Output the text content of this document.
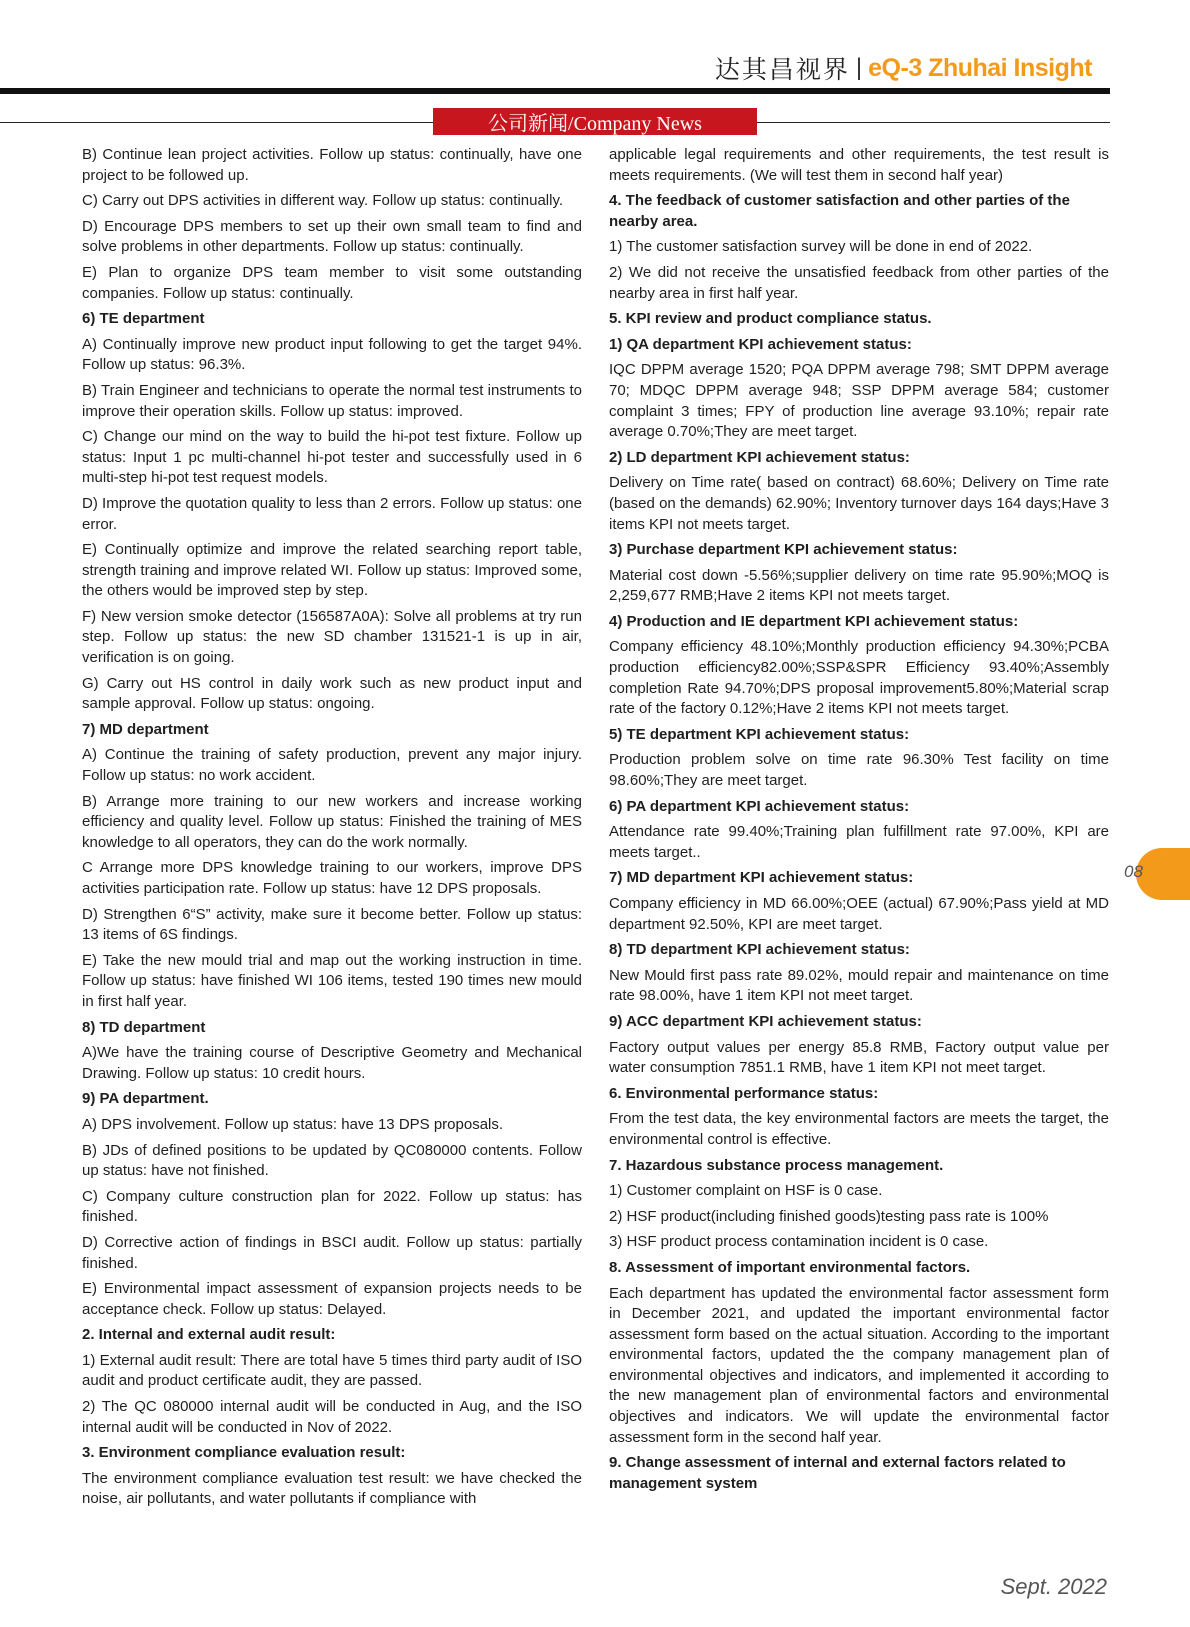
达其昌视界 | eQ-3 Zhuhai Insight
公司新闻/Company News
B) Continue lean project activities. Follow up status: continually, have one project to be followed up.
C) Carry out DPS activities in different way. Follow up status: continually.
D) Encourage DPS members to set up their own small team to find and solve problems in other departments. Follow up status: continually.
E) Plan to organize DPS team member to visit some outstanding companies. Follow up status: continually.
6) TE department
A) Continually improve new product input following to get the target 94%. Follow up status: 96.3%.
B) Train Engineer and technicians to operate the normal test instruments to improve their operation skills. Follow up status: improved.
C) Change our mind on the way to build the hi-pot test fixture. Follow up status: Input 1 pc multi-channel hi-pot tester and successfully used in 6 multi-step hi-pot test request models.
D) Improve the quotation quality to less than 2 errors. Follow up status: one error.
E) Continually optimize and improve the related searching report table, strength training and improve related WI. Follow up status: Improved some, the others would be improved step by step.
F) New version smoke detector (156587A0A): Solve all problems at try run step. Follow up status: the new SD chamber 131521-1 is up in air, verification is on going.
G) Carry out HS control in daily work such as new product input and sample approval. Follow up status: ongoing.
7) MD department
A) Continue the training of safety production, prevent any major injury. Follow up status: no work accident.
B) Arrange more training to our new workers and increase working efficiency and quality level. Follow up status: Finished the training of MES knowledge to all operators, they can do the work normally.
C Arrange more DPS knowledge training to our workers, improve DPS activities participation rate. Follow up status: have 12 DPS proposals.
D) Strengthen 6“S” activity, make sure it become better. Follow up status: 13 items of 6S findings.
E) Take the new mould trial and map out the working instruction in time. Follow up status: have finished WI 106 items, tested 190 times new mould in first half year.
8) TD department
A)We have the training course of Descriptive Geometry and Mechanical Drawing. Follow up status: 10 credit hours.
9) PA department.
A) DPS involvement. Follow up status: have 13 DPS proposals.
B) JDs of defined positions to be updated by QC080000 contents. Follow up status: have not finished.
C) Company culture construction plan for 2022. Follow up status: has finished.
D) Corrective action of findings in BSCI audit. Follow up status: partially finished.
E) Environmental impact assessment of expansion projects needs to be acceptance check. Follow up status: Delayed.
2. Internal and external audit result:
1) External audit result: There are total have 5 times third party audit of ISO audit and product certificate audit, they are passed.
2) The QC 080000 internal audit will be conducted in Aug, and the ISO internal audit will be conducted in Nov of 2022.
3. Environment compliance evaluation result:
The environment compliance evaluation test result: we have checked the noise, air pollutants, and water pollutants if compliance with
applicable legal requirements and other requirements, the test result is meets requirements. (We will test them in second half year)
4. The feedback of customer satisfaction and other parties of the nearby area.
1) The customer satisfaction survey will be done in end of 2022.
2) We did not receive the unsatisfied feedback from other parties of the nearby area in first half year.
5. KPI review and product compliance status.
1) QA department KPI achievement status:
IQC DPPM average 1520; PQA DPPM average 798; SMT DPPM average 70; MDQC DPPM average 948; SSP DPPM average 584; customer complaint 3 times; FPY of production line average 93.10%; repair rate average 0.70%;They are meet target.
2) LD department KPI achievement status:
Delivery on Time rate( based on contract) 68.60%; Delivery on Time rate (based on the demands) 62.90%; Inventory turnover days 164 days;Have 3 items KPI not meets target.
3) Purchase department KPI achievement status:
Material cost down -5.56%;supplier delivery on time rate 95.90%;MOQ is 2,259,677 RMB;Have 2 items KPI not meets target.
4) Production and IE department KPI achievement status:
Company efficiency 48.10%;Monthly production efficiency 94.30%;PCBA production efficiency82.00%;SSP&SPR Efficiency 93.40%;Assembly completion Rate 94.70%;DPS proposal improvement5.80%;Material scrap rate of the factory 0.12%;Have 2 items KPI not meets target.
5) TE department KPI achievement status:
Production problem solve on time rate 96.30% Test facility on time 98.60%;They are meet target.
6) PA department KPI achievement status:
Attendance rate 99.40%;Training plan fulfillment rate 97.00%, KPI are meets target..
7) MD department KPI achievement status:
Company efficiency in MD 66.00%;OEE (actual) 67.90%;Pass yield at MD department 92.50%, KPI are meet target.
8) TD department KPI achievement status:
New Mould first pass rate 89.02%, mould repair and maintenance on time rate 98.00%, have 1 item KPI not meet target.
9) ACC department KPI achievement status:
Factory output values per energy 85.8 RMB, Factory output value per water consumption 7851.1 RMB, have 1 item KPI not meet target.
6. Environmental performance status:
From the test data, the key environmental factors are meets the target, the environmental control is effective.
7. Hazardous substance process management.
1) Customer complaint on HSF is 0 case.
2) HSF product(including finished goods)testing pass rate is 100%
3) HSF product process contamination incident is 0 case.
8. Assessment of important environmental factors.
Each department has updated the environmental factor assessment form in December 2021, and updated the important environmental factor assessment form based on the actual situation. According to the important environmental factors, updated the the company management plan of environmental objectives and indicators, and implemented it according to the new management plan of environmental factors and environmental objectives and indicators. We will update the environmental factor assessment form in the second half year.
9. Change assessment of internal and external factors related to management system
08
Sept. 2022
